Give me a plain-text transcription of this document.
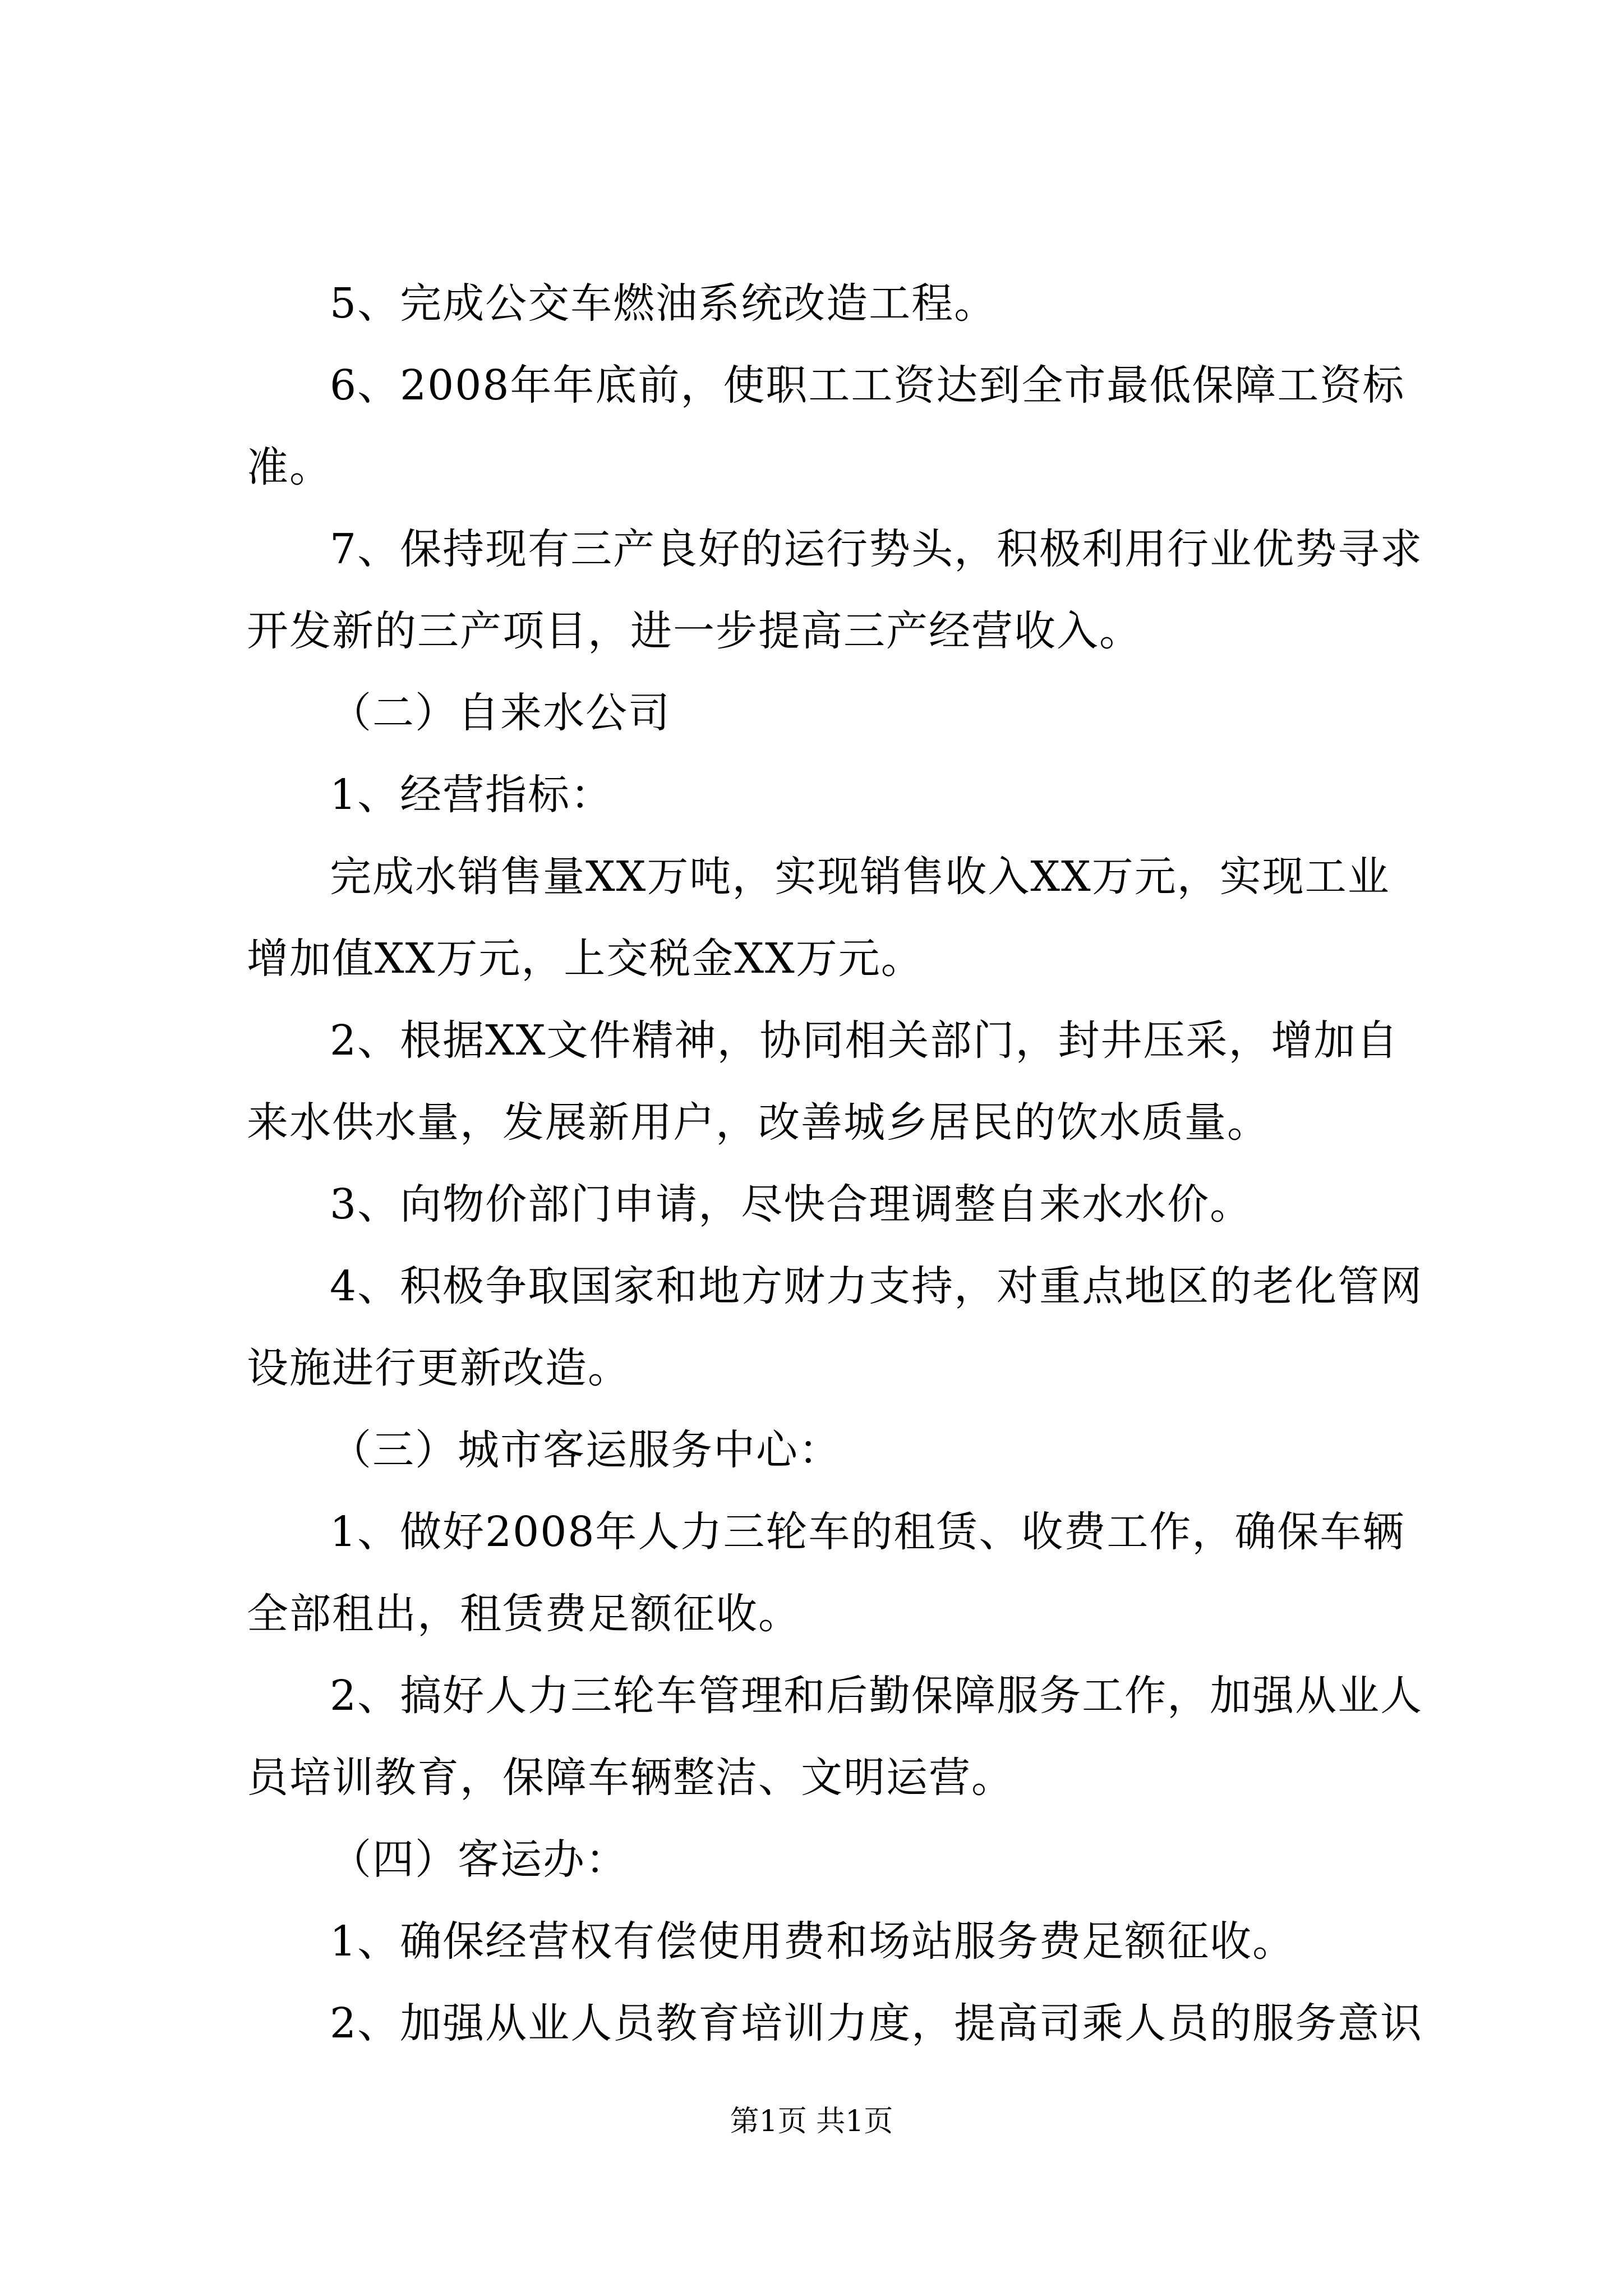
5、完成公交车燃油系统改造工程。

6、2008年年底前，使职工工资达到全市最低保障工资标准。

7、保持现有三产良好的运行势头，积极利用行业优势寻求开发新的三产项目，进一步提高三产经营收入。

（二）自来水公司

1、经营指标：

完成水销售量XX万吨，实现销售收入XX万元，实现工业增加值XX万元，上交税金XX万元。

2、根据XX文件精神，协同相关部门，封井压采，增加自来水供水量，发展新用户，改善城乡居民的饮水质量。

3、向物价部门申请，尽快合理调整自来水水价。

4、积极争取国家和地方财力支持，对重点地区的老化管网设施进行更新改造。

（三）城市客运服务中心：

1、做好2008年人力三轮车的租赁、收费工作，确保车辆全部租出，租赁费足额征收。

2、搞好人力三轮车管理和后勤保障服务工作，加强从业人员培训教育，保障车辆整洁、文明运营。

（四）客运办：

1、确保经营权有偿使用费和场站服务费足额征收。

2、加强从业人员教育培训力度，提高司乘人员的服务意识

第1页 共1页
